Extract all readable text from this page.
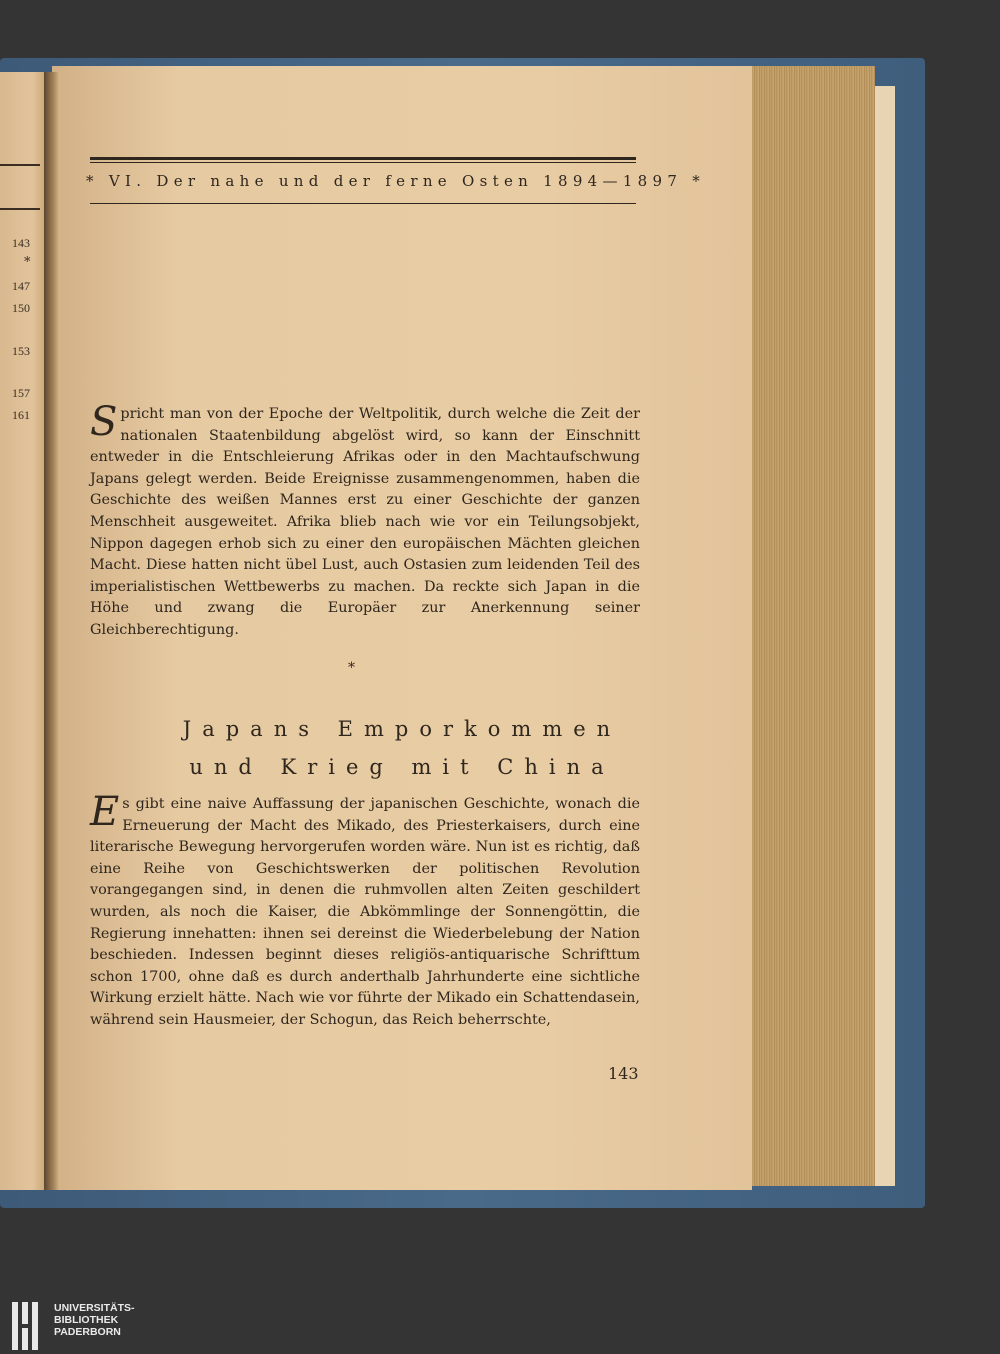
*
143
147
150
153
157
161
* VI. Der nahe und der ferne Osten 1894—1897 *

Spricht man von der Epoche der Weltpolitik, durch welche die Zeit der nationalen Staatenbildung abgelöst wird, so kann der Einschnitt entweder in die Entschleierung Afrikas oder in den Machtaufschwung Japans gelegt werden. Beide Ereignisse zusammengenommen, haben die Geschichte des weißen Mannes erst zu einer Geschichte der ganzen Menschheit ausgeweitet. Afrika blieb nach wie vor ein Teilungsobjekt, Nippon dagegen erhob sich zu einer den europäischen Mächten gleichen Macht. Diese hatten nicht übel Lust, auch Ostasien zum leidenden Teil des imperialistischen Wettbewerbs zu machen. Da reckte sich Japan in die Höhe und zwang die Europäer zur Anerkennung seiner Gleichberechtigung.

*
Japans Emporkommen
und Krieg mit China

Es gibt eine naive Auffassung der japanischen Geschichte, wonach die Erneuerung der Macht des Mikado, des Priesterkaisers, durch eine literarische Bewegung hervorgerufen worden wäre. Nun ist es richtig, daß eine Reihe von Geschichtswerken der politischen Revolution vorangegangen sind, in denen die ruhmvollen alten Zeiten geschildert wurden, als noch die Kaiser, die Abkömmlinge der Sonnengöttin, die Regierung innehatten: ihnen sei dereinst die Wiederbelebung der Nation beschieden. Indessen beginnt dieses religiös-antiquarische Schrifttum schon 1700, ohne daß es durch anderthalb Jahrhunderte eine sichtliche Wirkung erzielt hätte. Nach wie vor führte der Mikado ein Schattendasein, während sein Hausmeier, der Schogun, das Reich beherrschte,

143
UNIVERSITÄTS-
BIBLIOTHEK
PADERBORN
